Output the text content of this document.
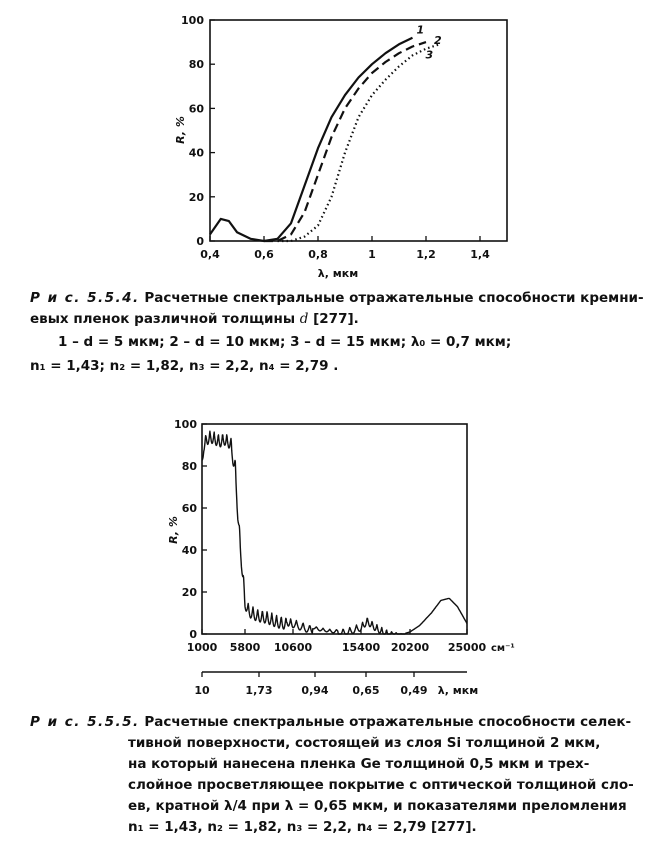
0
20
40
60
80
100
0,4	0,6	0,8	1	1,2	1,4
λ, мкм
R, %
1
2
3
Р и с. 5.5.4. Расчетные спектральные отражательные способности кремни-
евых пленок различной толщины d [277].
1 – d = 5 мкм; 2 – d = 10 мкм; 3 – d = 15 мкм; λ₀ = 0,7 мкм;
n₁ = 1,43; n₂ = 1,82, n₃ = 2,2, n₄ = 2,79 .
0
20
40
60
80
100
1000 5800 10600	15400 20200 25000 см⁻¹
R, %
10	1,73	0,94 0,65 0,49 λ, мкм
Р и с. 5.5.5. Расчетные спектральные отражательные способности селек-
тивной поверхности, состоящей из слоя Si толщиной 2 мкм,
на который нанесена пленка Ge толщиной 0,5 мкм и трех-
слойное просветляющее покрытие с оптической толщиной сло-
ев, кратной λ/4 при λ = 0,65 мкм, и показателями преломления
n₁ = 1,43, n₂ = 1,82, n₃ = 2,2, n₄ = 2,79 [277].
